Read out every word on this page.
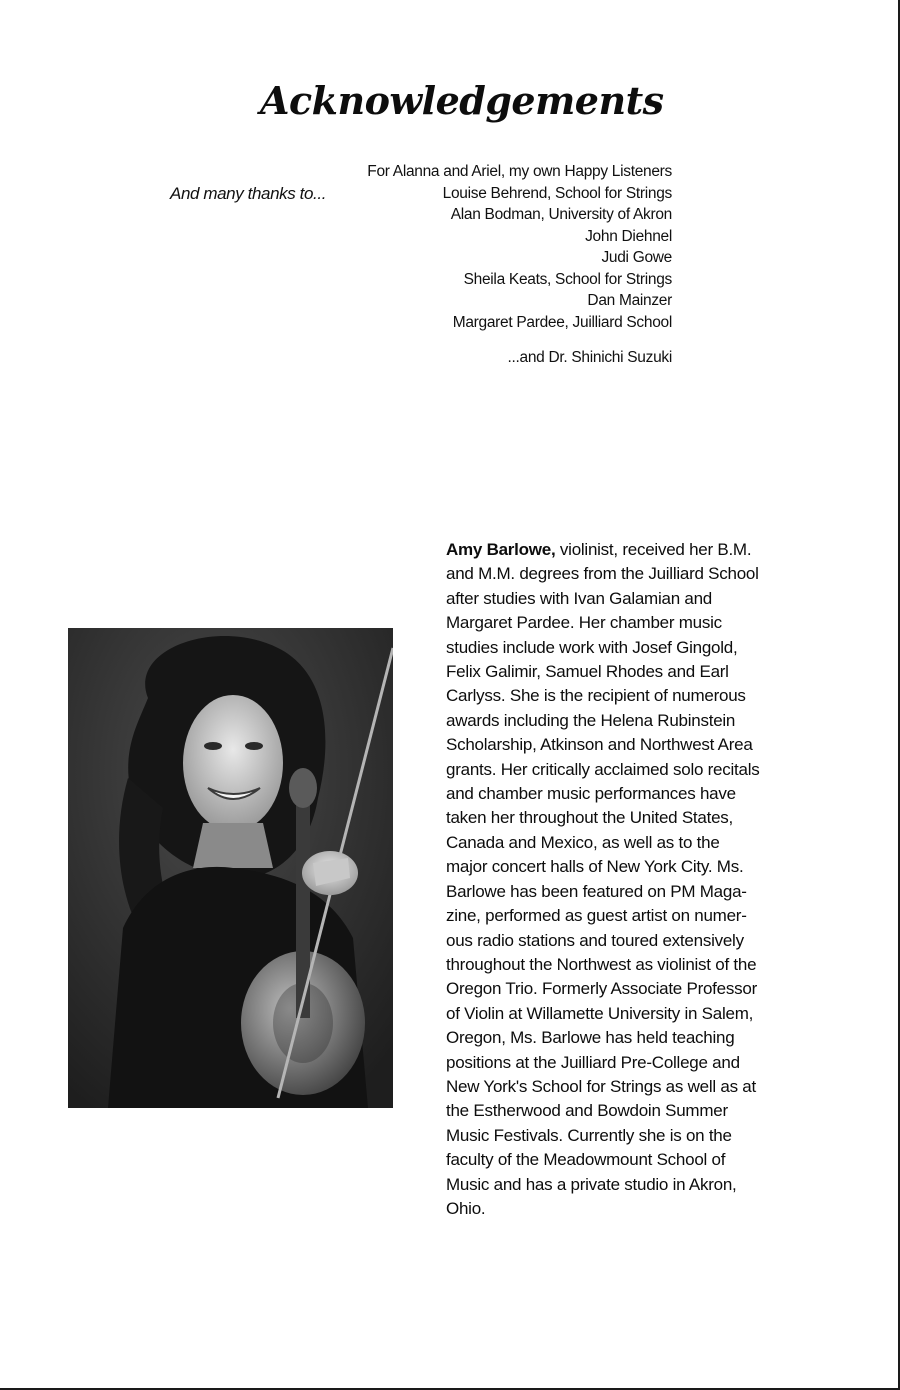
Acknowledgements
For Alanna and Ariel, my own Happy Listeners
And many thanks to...	Louise Behrend, School for Strings
Alan Bodman, University of Akron
John Diehnel
Judi Gowe
Sheila Keats, School for Strings
Dan Mainzer
Margaret Pardee, Juilliard School
...and Dr. Shinichi Suzuki
Amy Barlowe, violinist, received her B.M.
and M.M. degrees from the Juilliard School
after studies with Ivan Galamian and
Margaret Pardee. Her chamber music
studies include work with Josef Gingold,
Felix Galimir, Samuel Rhodes and Earl
Carlyss. She is the recipient of numerous
awards including the Helena Rubinstein
Scholarship, Atkinson and Northwest Area
grants. Her critically acclaimed solo recitals
and chamber music performances have
taken her throughout the United States,
Canada and Mexico, as well as to the
major concert halls of New York City. Ms.
Barlowe has been featured on PM Maga-
zine, performed as guest artist on numer-
ous radio stations and toured extensively
throughout the Northwest as violinist of the
Oregon Trio. Formerly Associate Professor
of Violin at Willamette University in Salem,
Oregon, Ms. Barlowe has held teaching
positions at the Juilliard Pre-College and
New York's School for Strings as well as at
the Estherwood and Bowdoin Summer
Music Festivals. Currently she is on the
faculty of the Meadowmount School of
Music and has a private studio in Akron,
Ohio.
